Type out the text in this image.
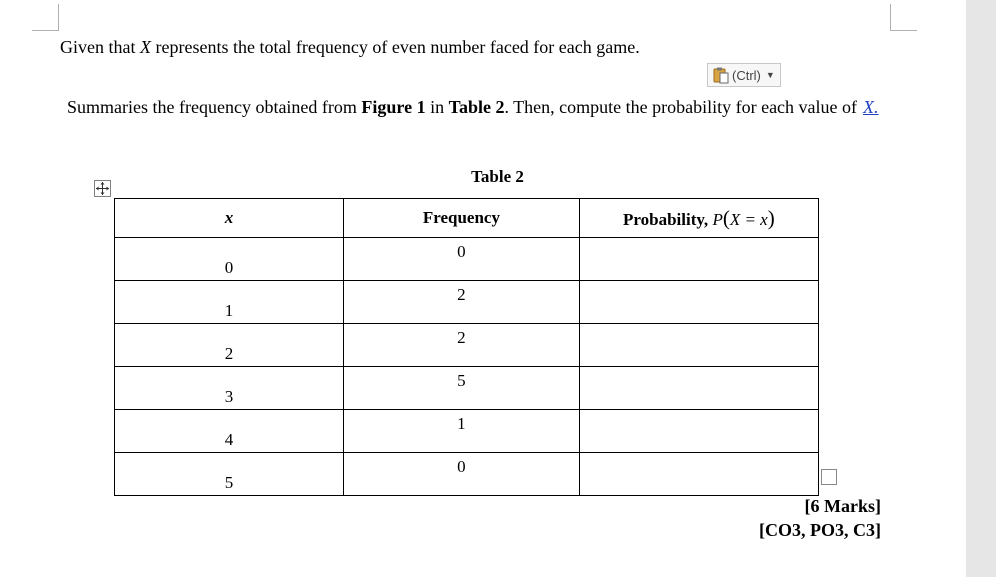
Given that X represents the total frequency of even number faced for each game.
(Ctrl) ▼
Summaries the frequency obtained from Figure 1 in Table 2. Then, compute the probability for each value of X.
Table 2
x	Frequency	Probability, P(X = x)

0	0	

1	2	

2	2	

3	5	

4	1	

5	0	

[6 Marks]
[CO3, PO3, C3]
